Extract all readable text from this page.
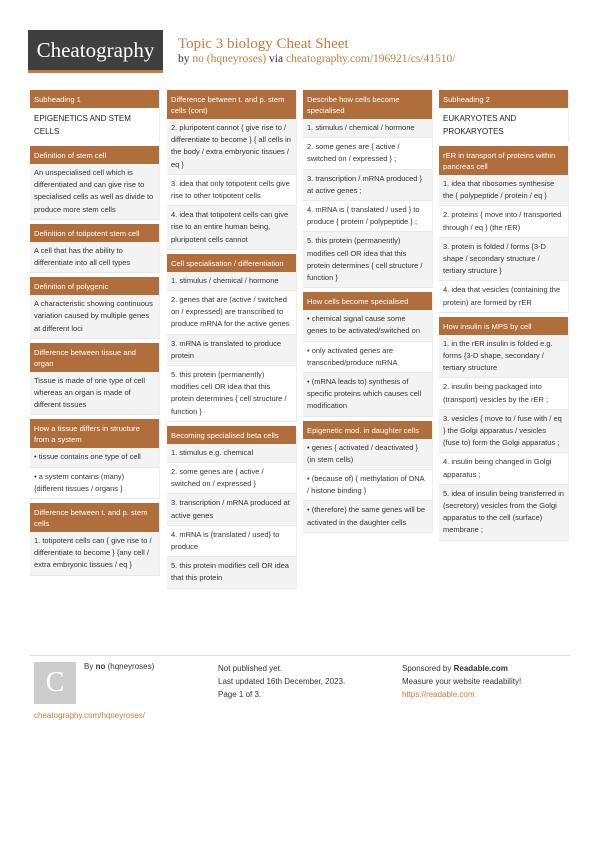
Cheatography	Topic 3 biology Cheat Sheet
by no (hqneyroses) via cheatography.com/196921/cs/41510/
Subheading 1
EPIGENETICS AND STEM CELLS
Definition of stem cell
An unspecialised cell which is differentiated and can give rise to specialised cells as well as divide to produce more stem cells
Definition of totipotent stem cell
A cell that has the ability to differentiate into all cell types
Definition of polygenic
A characteristic showing continuous variation caused by multiple genes at different loci
Difference between tissue and organ
Tissue is made of one type of cell whereas an organ is made of different tissues
How a tissue differs in structure from a system
• tissue contains one type of cell
• a system contains (many) {different tissues / organs }
Difference between t. and p. stem cells
1. totipotent cells can { give rise to / differentiate to become } {any cell / extra embryonic tissues / eq }
Difference between t. and p. stem cells (cont)
2. pluripotent cannot { give rise to / differentiate to become } { all cells in the body / extra embryonic tissues / eq }
3. idea that only totipotent cells give rise to other totipotent cells
4. idea that totipotent cells can give rise to an entire human being, pluripotent cells cannot
Cell specialisation / differentiation
1. stimulus / chemical / hormone
2. genes that are (active / switched on / expressed) are transcribed to produce mRNA for the active genes
3. mRNA is translated to produce protein
5. this protein (permanently) modifies cell OR idea that this protein determines { cell structure / function }
Becoming specialised beta cells
1. stimulus e.g. chemical
2. some genes are { active / switched on / expressed }
3. transcription / mRNA produced at active genes
4. mRNA is {translated / used} to produce
5. this protein modifies cell OR idea that this protein
Describe how cells become specialised
1. stimulus / chemical / hormone
2. some genes are { active / switched on / expressed } ;
3. transcription / mRNA produced } at active genes ;
4. mRNA is { translated / used } to produce { protein / polypeptide } ;
5. this protein (permanently) modifies cell OR idea that this protein determines { cell structure / function }
How cells become specialised
• chemical signal cause some genes to be activated/switched on
• only activated genes are transcribed/produce mRNA
• (mRNA leads to) synthesis of specific proteins which causes cell modification
Epigenetic mod. in daughter cells
• genes { activated / deactivated } (in stem cells)
• (because of) { methylation of DNA / histone binding }
• (therefore) the same genes will be activated in the daughter cells
Subheading 2
EUKARYOTES AND PROKARYOTES
rER in transport of proteins within pancreas cell
1. idea that ribosomes synthesise the { polypeptide / protein / eq }
2. proteins { move into / transported through / eq } (the rER)
3. protein is folded / forms {3-D shape / secondary structure / tertiary structure }
4. idea that vesicles (containing the protein) are formed by rER
How insulin is MPS by cell
1. in the rER insulin is folded e.g. forms {3-D shape, secondary / tertiary structure
2. insulin being packaged into (transport) vesicles by the rER ;
3. vesicles { move to / fuse with / eq } the Golgi apparatus / vesicles (fuse to) form the Golgi apparatus ;
4. insulin being changed in Golgi apparatus ;
5. idea of insulin being transferred in (secretory) vesicles from the Golgi apparatus to the cell (surface) membrane ;
C
By no (hqneyroses)	Not published yet.
Last updated 16th December, 2023.
Page 1 of 3.
Sponsored by Readable.com
Measure your website readability!
https://readable.com
cheatography.com/hqneyroses/
